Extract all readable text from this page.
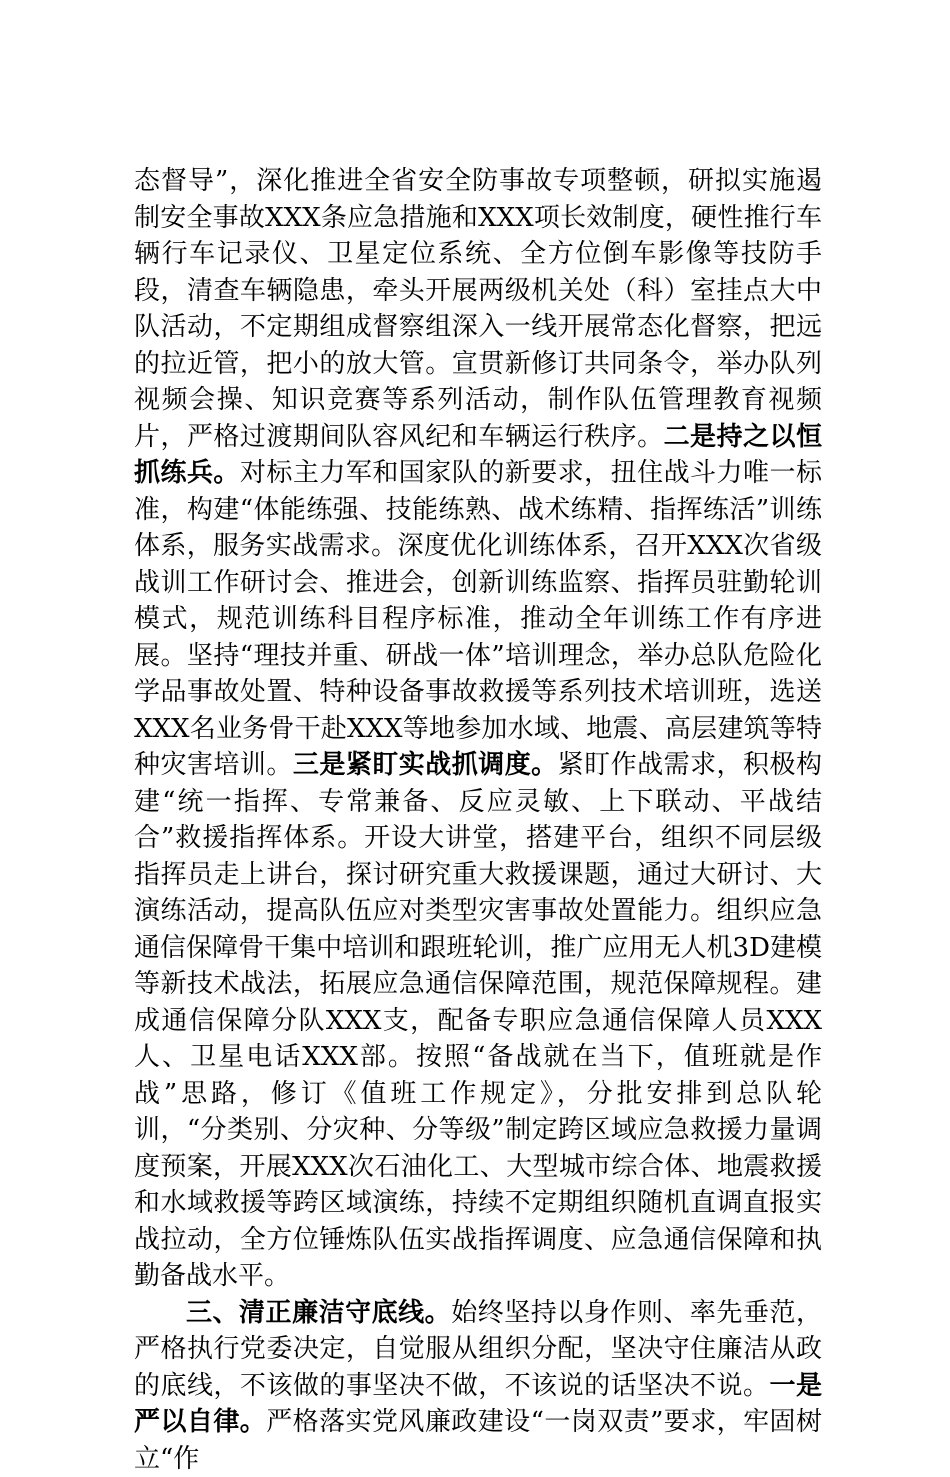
态督导”，深化推进全省安全防事故专项整顿，研拟实施遏制安全事故XXX条应急措施和XXX项长效制度，硬性推行车辆行车记录仪、卫星定位系统、全方位倒车影像等技防手段，清查车辆隐患，牵头开展两级机关处（科）室挂点大中队活动，不定期组成督察组深入一线开展常态化督察，把远的拉近管，把小的放大管。宣贯新修订共同条令，举办队列视频会操、知识竞赛等系列活动，制作队伍管理教育视频片，严格过渡期间队容风纪和车辆运行秩序。二是持之以恒抓练兵。对标主力军和国家队的新要求，扭住战斗力唯一标准，构建“体能练强、技能练熟、战术练精、指挥练活”训练体系，服务实战需求。深度优化训练体系，召开XXX次省级战训工作研讨会、推进会，创新训练监察、指挥员驻勤轮训模式，规范训练科目程序标准，推动全年训练工作有序进展。坚持“理技并重、研战一体”培训理念，举办总队危险化学品事故处置、特种设备事故救援等系列技术培训班，选送XXX名业务骨干赴XXX等地参加水域、地震、高层建筑等特种灾害培训。三是紧盯实战抓调度。紧盯作战需求，积极构建“统一指挥、专常兼备、反应灵敏、上下联动、平战结合”救援指挥体系。开设大讲堂，搭建平台，组织不同层级指挥员走上讲台，探讨研究重大救援课题，通过大研讨、大演练活动，提高队伍应对类型灾害事故处置能力。组织应急通信保障骨干集中培训和跟班轮训，推广应用无人机3D建模等新技术战法，拓展应急通信保障范围，规范保障规程。建成通信保障分队XXX支，配备专职应急通信保障人员XXX人、卫星电话XXX部。按照“备战就在当下，值班就是作战”思路，修订《值班工作规定》，分批安排到总队轮训，“分类别、分灾种、分等级”制定跨区域应急救援力量调度预案，开展XXX次石油化工、大型城市综合体、地震救援和水域救援等跨区域演练，持续不定期组织随机直调直报实战拉动，全方位锤炼队伍实战指挥调度、应急通信保障和执勤备战水平。

三、清正廉洁守底线。始终坚持以身作则、率先垂范，严格执行党委决定，自觉服从组织分配，坚决守住廉洁从政的底线，不该做的事坚决不做，不该说的话坚决不说。一是严以自律。严格落实党风廉政建设“一岗双责”要求，牢固树立“作
